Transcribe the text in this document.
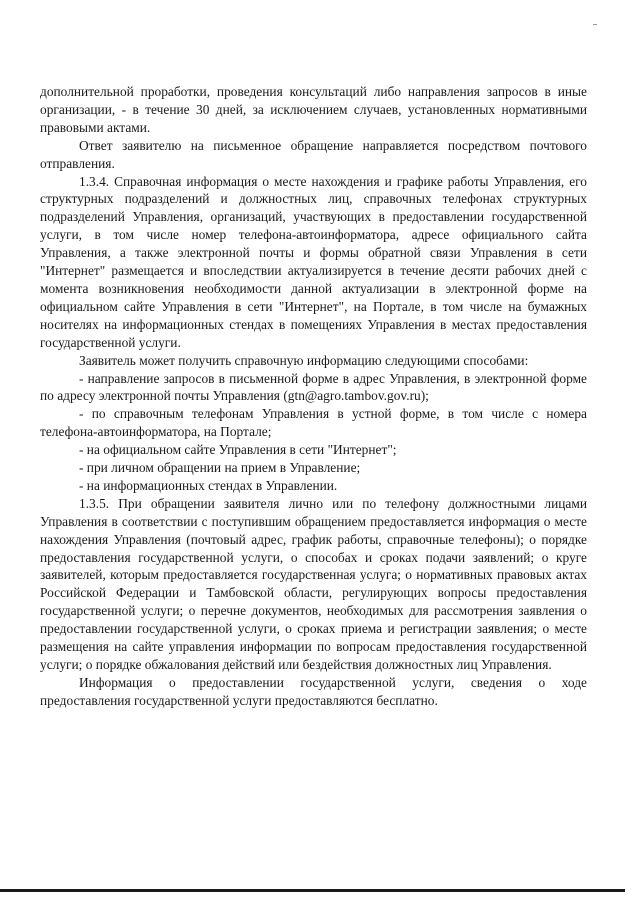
дополнительной проработки, проведения консультаций либо направления запросов в иные организации, - в течение 30 дней, за исключением случаев, установленных нормативными правовыми актами.

Ответ заявителю на письменное обращение направляется посредством почтового отправления.

1.3.4. Справочная информация о месте нахождения и графике работы Управления, его структурных подразделений и должностных лиц, справочных телефонах структурных подразделений Управления, организаций, участвующих в предоставлении государственной услуги, в том числе номер телефона-автоинформатора, адресе официального сайта Управления, а также электронной почты и формы обратной связи Управления в сети "Интернет" размещается и впоследствии актуализируется в течение десяти рабочих дней с момента возникновения необходимости данной актуализации в электронной форме на официальном сайте Управления в сети "Интернет", на Портале, в том числе на бумажных носителях на информационных стендах в помещениях Управления в местах предоставления государственной услуги.

Заявитель может получить справочную информацию следующими способами:

- направление запросов в письменной форме в адрес Управления, в электронной форме по адресу электронной почты Управления (gtn@agro.tambov.gov.ru);

- по справочным телефонам Управления в устной форме, в том числе с номера телефона-автоинформатора, на Портале;

- на официальном сайте Управления в сети "Интернет";

- при личном обращении на прием в Управление;

- на информационных стендах в Управлении.

1.3.5. При обращении заявителя лично или по телефону должностными лицами Управления в соответствии с поступившим обращением предоставляется информация о месте нахождения Управления (почтовый адрес, график работы, справочные телефоны); о порядке предоставления государственной услуги, о способах и сроках подачи заявлений; о круге заявителей, которым предоставляется государственная услуга; о нормативных правовых актах Российской Федерации и Тамбовской области, регулирующих вопросы предоставления государственной услуги; о перечне документов, необходимых для рассмотрения заявления о предоставлении государственной услуги, о сроках приема и регистрации заявления; о месте размещения на сайте управления информации по вопросам предоставления государственной услуги; о порядке обжалования действий или бездействия должностных лиц Управления.

Информация о предоставлении государственной услуги, сведения о ходе предоставления государственной услуги предоставляются бесплатно.
